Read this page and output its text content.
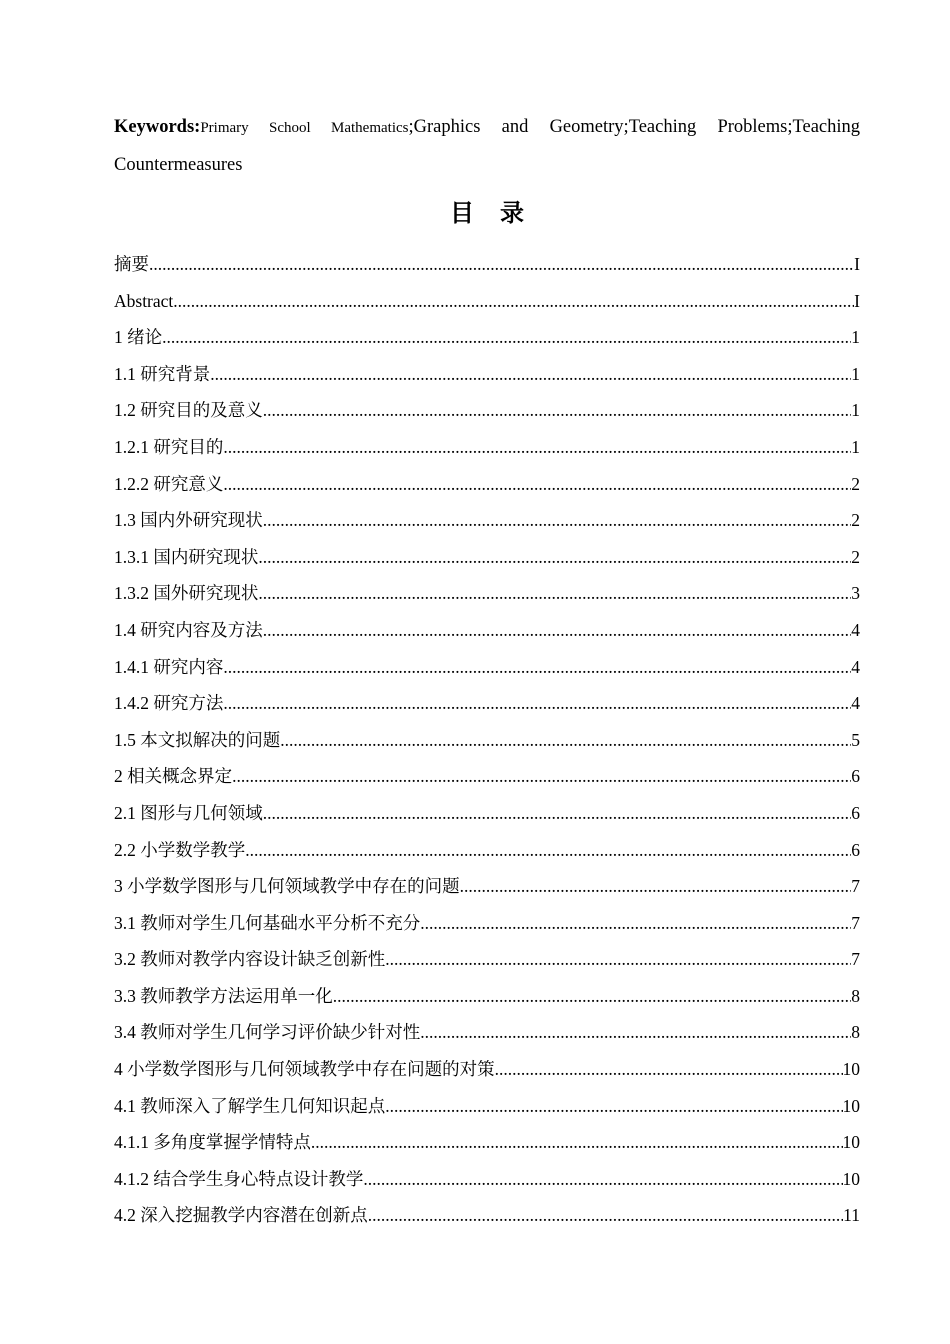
Keywords:Primary School Mathematics;Graphics and Geometry;Teaching Problems;Teaching
Countermeasures
目 录
摘要 .....	I
Abstract .....	I
1 绪论 .....	1
1.1 研究背景 .....	1
1.2 研究目的及意义 .....	1
1.2.1 研究目的 .....	1
1.2.2 研究意义 .....	2
1.3 国内外研究现状 .....	2
1.3.1 国内研究现状 .....	2
1.3.2 国外研究现状 .....	3
1.4 研究内容及方法 .....	4
1.4.1 研究内容 .....	4
1.4.2 研究方法 .....	4
1.5 本文拟解决的问题 .....	5
2 相关概念界定 .....	6
2.1 图形与几何领域 .....	6
2.2 小学数学教学 .....	6
3 小学数学图形与几何领域教学中存在的问题 .....	7
3.1 教师对学生几何基础水平分析不充分 .....	7
3.2 教师对教学内容设计缺乏创新性 .....	7
3.3 教师教学方法运用单一化 .....	8
3.4 教师对学生几何学习评价缺少针对性 .....	8
4 小学数学图形与几何领域教学中存在问题的对策 .....	10
4.1 教师深入了解学生几何知识起点 .....	10
4.1.1 多角度掌握学情特点 .....	10
4.1.2 结合学生身心特点设计教学 .....	10
4.2 深入挖掘教学内容潜在创新点 .....	11
